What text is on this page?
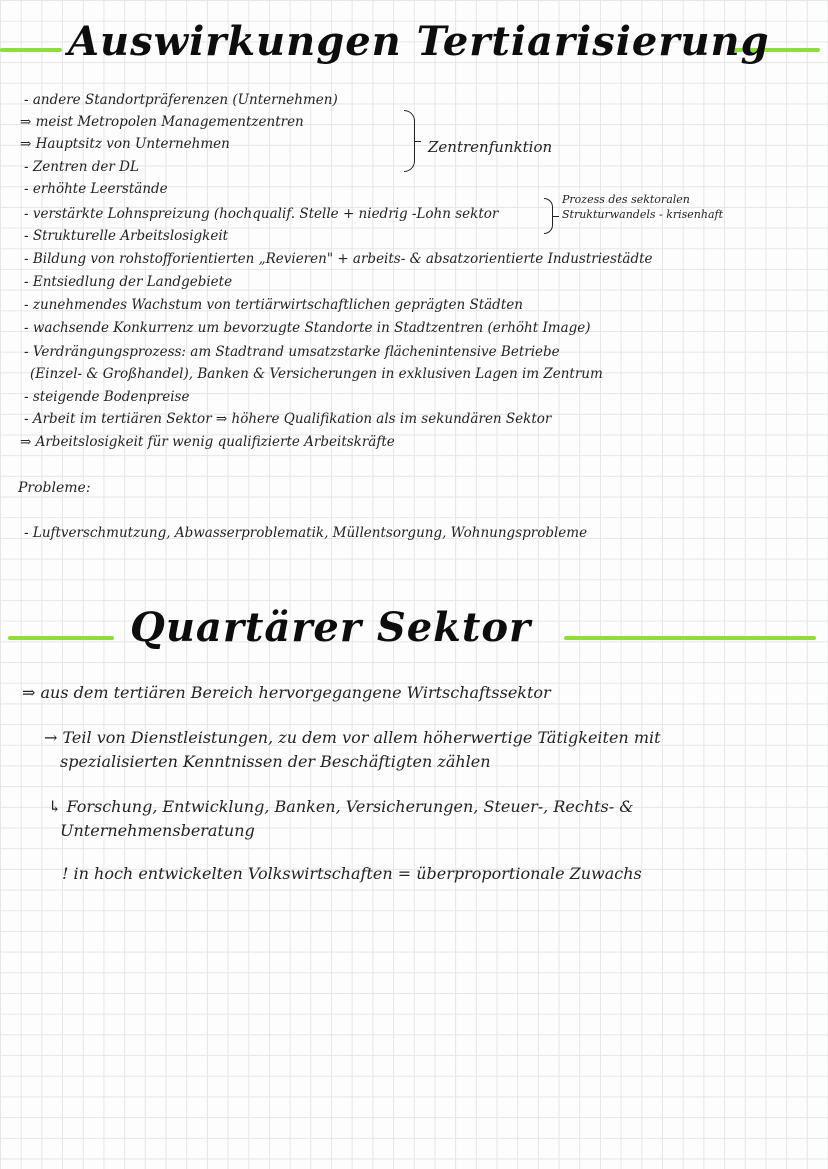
Auswirkungen Tertiarisierung
- andere Standortpräferenzen (Unternehmen)
⇒ meist Metropolen Managementzentren
⇒ Hauptsitz von Unternehmen
- Zentren der DL
- erhöhte Leerstände
Zentrenfunktion
- verstärkte Lohnspreizung (hochqualif. Stelle + niedrig -Lohn sektor
Prozess des sektoralen
Strukturwandels - krisenhaft
- Strukturelle Arbeitslosigkeit
- Bildung von rohstofforientierten „Revieren" + arbeits- & absatzorientierte Industriestädte
- Entsiedlung der Landgebiete
- zunehmendes Wachstum von tertiärwirtschaftlichen geprägten Städten
- wachsende Konkurrenz um bevorzugte Standorte in Stadtzentren (erhöht Image)
- Verdrängungsprozess: am Stadtrand umsatzstarke flächenintensive Betriebe
(Einzel- & Großhandel), Banken & Versicherungen in exklusiven Lagen im Zentrum
- steigende Bodenpreise
- Arbeit im tertiären Sektor ⇒ höhere Qualifikation als im sekundären Sektor
⇒ Arbeitslosigkeit für wenig qualifizierte Arbeitskräfte
Probleme:
- Luftverschmutzung, Abwasserproblematik, Müllentsorgung, Wohnungsprobleme
Quartärer Sektor
⇒ aus dem tertiären Bereich hervorgegangene Wirtschaftssektor
→ Teil von Dienstleistungen, zu dem vor allem höherwertige Tätigkeiten mit
spezialisierten Kenntnissen der Beschäftigten zählen
↳ Forschung, Entwicklung, Banken, Versicherungen, Steuer-, Rechts- &
Unternehmensberatung
! in hoch entwickelten Volkswirtschaften = überproportionale Zuwachs
